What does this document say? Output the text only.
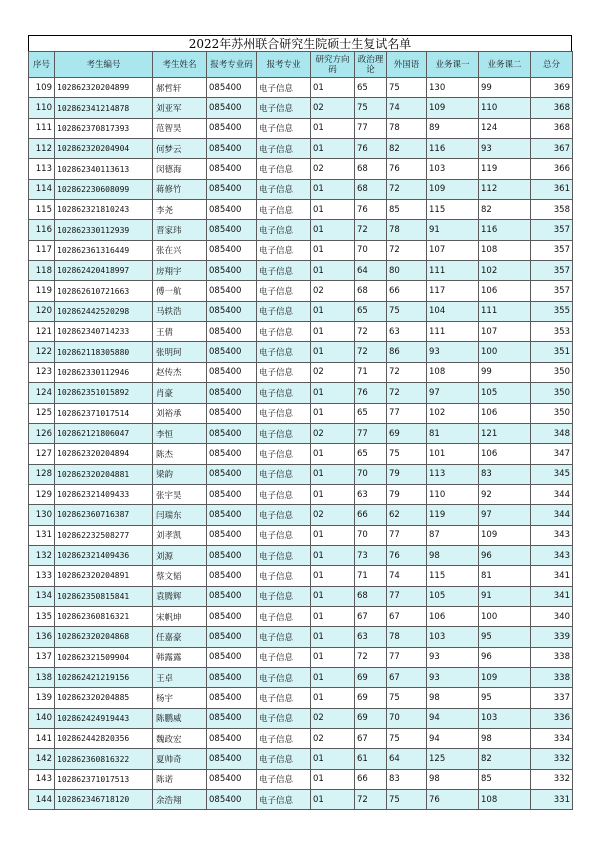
2022年苏州联合研究生院硕士生复试名单
序号	考生编号	考生姓名	报考专业码	报考专业	研究方向码	政治理论	外国语	业务课一	业务课二	总分
109	102862320204899	郝哲轩	085400	电子信息	01	65	75	130	99	369
110	102862341214878	刘亚军	085400	电子信息	02	75	74	109	110	368
111	102862370817393	范智昊	085400	电子信息	01	77	78	89	124	368
112	102862320204904	何梦云	085400	电子信息	01	76	82	116	93	367
113	102862340113613	闵德海	085400	电子信息	02	68	76	103	119	366
114	102862230608099	蒋修竹	085400	电子信息	01	68	72	109	112	361
115	102862321810243	李尧	085400	电子信息	01	76	85	115	82	358
116	102862330112939	晋家玮	085400	电子信息	01	72	78	91	116	357
117	102862361316449	张在兴	085400	电子信息	01	70	72	107	108	357
118	102862420418997	房翔宇	085400	电子信息	01	64	80	111	102	357
119	102862610721663	傅一航	085400	电子信息	02	68	66	117	106	357
120	102862442520298	马轶浩	085400	电子信息	01	65	75	104	111	355
121	102862340714233	王倩	085400	电子信息	01	72	63	111	107	353
122	102862118305880	张明珂	085400	电子信息	01	72	86	93	100	351
123	102862330112946	赵传杰	085400	电子信息	02	71	72	108	99	350
124	102862351015892	肖豪	085400	电子信息	01	76	72	97	105	350
125	102862371017514	刘裕承	085400	电子信息	01	65	77	102	106	350
126	102862121806047	李恒	085400	电子信息	02	77	69	81	121	348
127	102862320204894	陈杰	085400	电子信息	01	65	75	101	106	347
128	102862320204881	梁韵	085400	电子信息	01	70	79	113	83	345
129	102862321409433	张宇昊	085400	电子信息	01	63	79	110	92	344
130	102862360716387	闫瑞东	085400	电子信息	02	66	62	119	97	344
131	102862232508277	刘孝凯	085400	电子信息	01	70	77	87	109	343
132	102862321409436	刘源	085400	电子信息	01	73	76	98	96	343
133	102862320204891	蔡文韬	085400	电子信息	01	71	74	115	81	341
134	102862350815841	袁腾辉	085400	电子信息	01	68	77	105	91	341
135	102862360816321	宋帆坤	085400	电子信息	01	67	67	106	100	340
136	102862320204868	任嘉豪	085400	电子信息	01	63	78	103	95	339
137	102862321509904	韩露露	085400	电子信息	01	72	77	93	96	338
138	102862421219156	王卓	085400	电子信息	01	69	67	93	109	338
139	102862320204885	杨宇	085400	电子信息	01	69	75	98	95	337
140	102862424919443	陈鹏威	085400	电子信息	02	69	70	94	103	336
141	102862442820356	魏政宏	085400	电子信息	02	67	75	94	98	334
142	102862360816322	夏帅奇	085400	电子信息	01	61	64	125	82	332
143	102862371017513	陈诺	085400	电子信息	01	66	83	98	85	332
144	102862346718120	余浩翔	085400	电子信息	01	72	75	76	108	331
